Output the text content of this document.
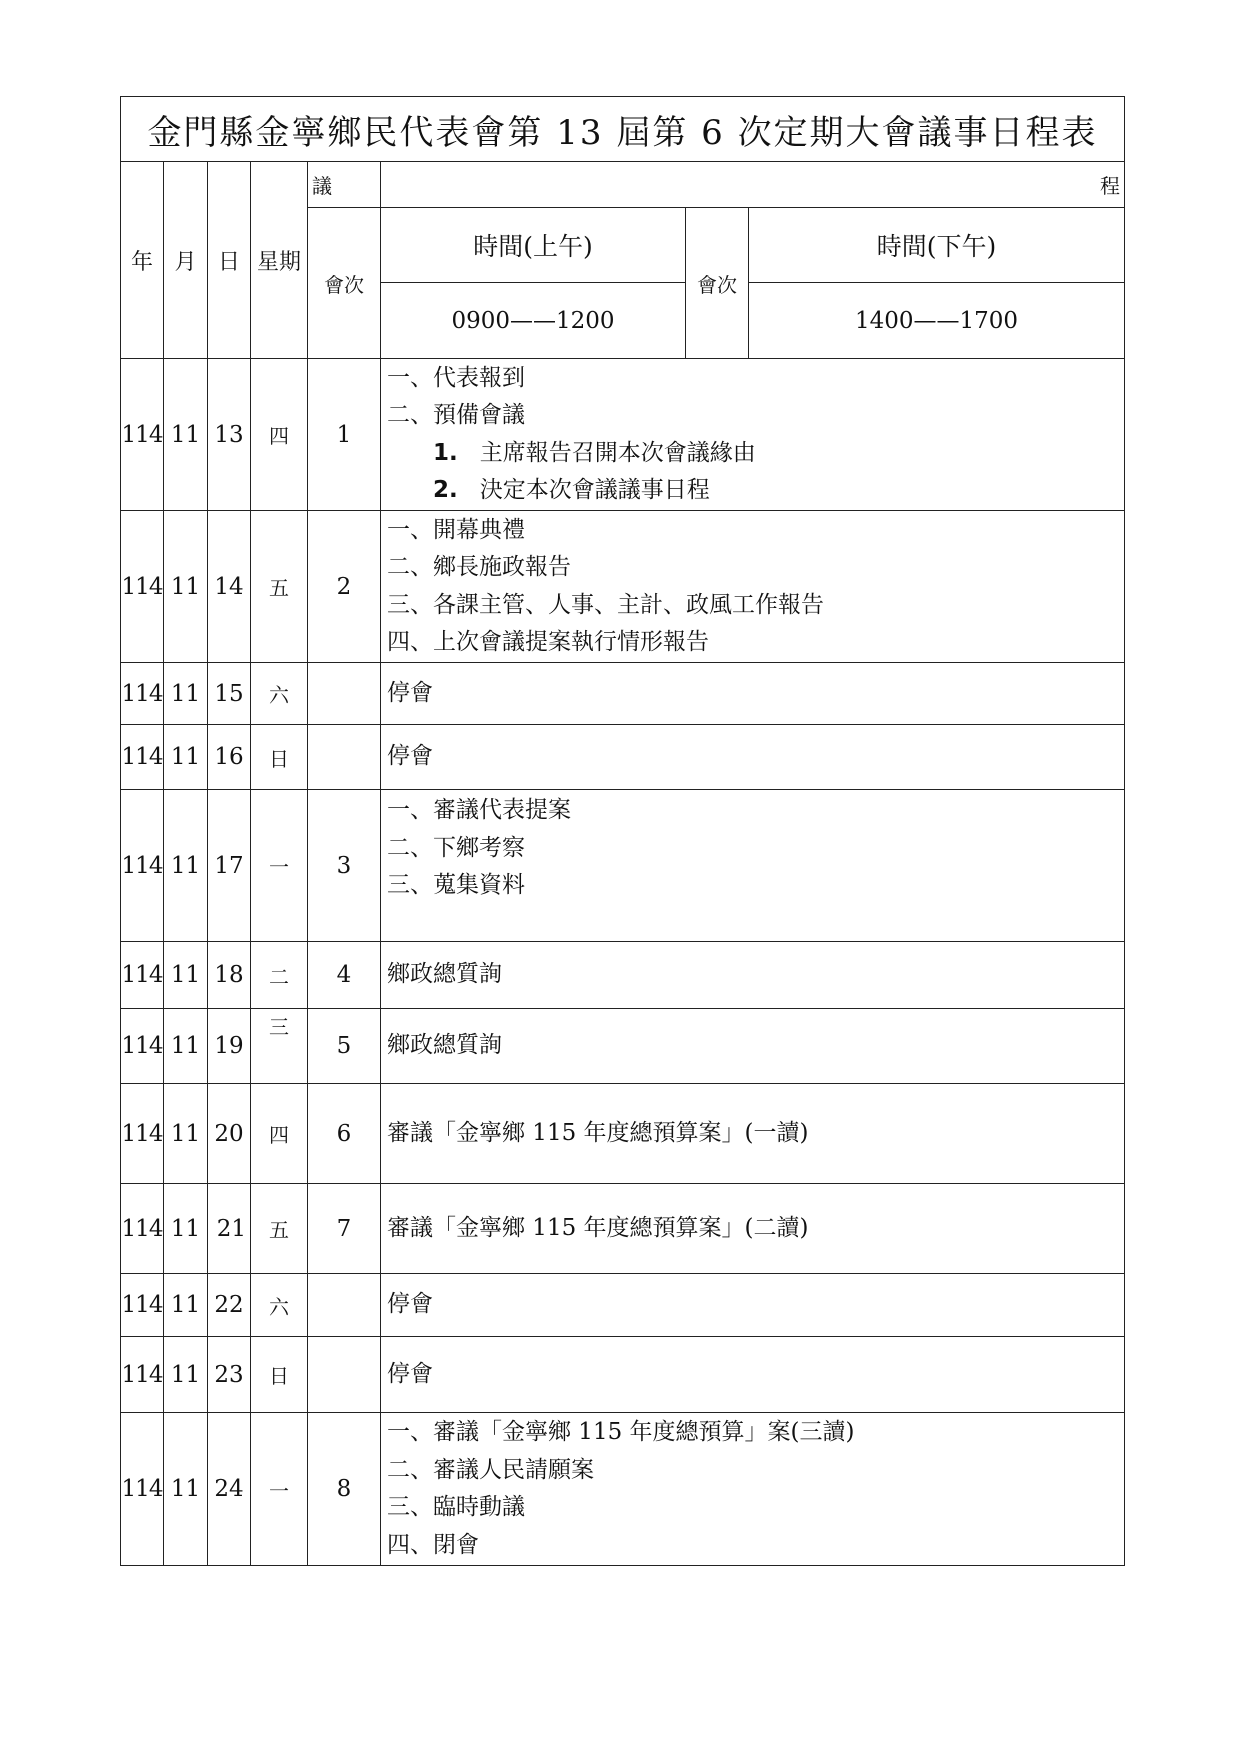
金門縣金寧鄉民代表會第 13 屆第 6 次定期大會議事日程表							
年	月	日	星期	議	程		
				會次	時間(上午)	會次	時間(下午)
					0900——1200		1400——1700
114	11	13	四	1	一、代表報到
二、預備會議
1. 主席報告召開本次會議緣由
2. 決定本次會議議事日程		

114	11	14	五	2	一、開幕典禮
二、鄉長施政報告
三、各課主管、人事、主計、政風工作報告
四、上次會議提案執行情形報告		

114	11	15	六		停會		

114	11	16	日		停會		

114	11	17	一	3	一、審議代表提案
二、下鄉考察
三、蒐集資料		

114	11	18	二	4	鄉政總質詢		

114	11	19	三	5	鄉政總質詢		

114	11	20	四	6	審議「金寧鄉 115 年度總預算案」(一讀)		

114	11	21	五	7	審議「金寧鄉 115 年度總預算案」(二讀)		

114	11	22	六		停會		

114	11	23	日		停會		

114	11	24	一	8	一、審議「金寧鄉 115 年度總預算」案(三讀)
二、審議人民請願案
三、臨時動議
四、閉會		
